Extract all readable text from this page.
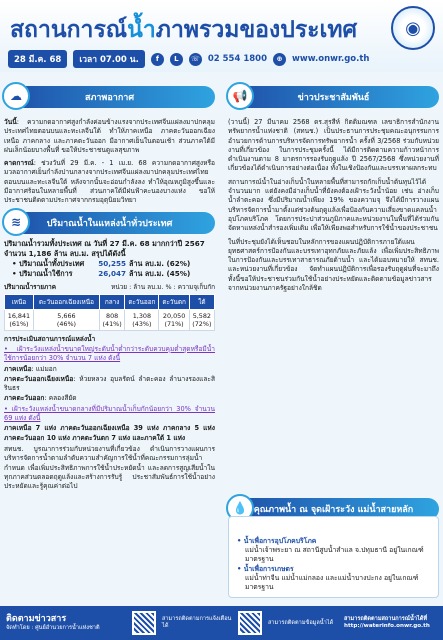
สถานการณ์น้ำภาพรวมของประเทศ	◉
28 มี.ค. 68	เวลา 07.00 น.	f	L	☏ 02 554 1800	⊕	www.onwr.go.th
☁	สภาพอากาศ
วันนี้: ความกดอากาศสูงกำลังค่อนข้างแรงจากประเทศจีนแผ่ลงมาปกคลุมประเทศไทยตอนบนและทะเลจีนใต้ ทำให้ภาคเหนือ ภาคตะวันออกเฉียงเหนือ ภาคกลาง และภาคตะวันออก มีอากาศเย็นในตอนเช้า ส่วนภาคใต้มีฝนเล็กน้อยบางพื้นที่ ขอให้ประชาชนดูแลสุขภาพ
คาดการณ์: ช่วงวันที่ 29 มี.ค. - 1 เม.ย. 68 ความกดอากาศสูงหรือมวลอากาศเย็นกำลังปานกลางจากประเทศจีนแผ่ลงมาปกคลุมประเทศไทยตอนบนและทะเลจีนใต้ หลังจากนั้นจะอ่อนกำลังลง ทำให้อุณหภูมิสูงขึ้นและมีอากาศร้อนในหลายพื้นที่ ส่วนภาคใต้มีฝนฟ้าคะนองบางแห่ง ขอให้ประชาชนติดตามประกาศจากกรมอุตุนิยมวิทยา
≋	ปริมาณน้ำในแหล่งน้ำทั่วประเทศ
ปริมาณน้ำรวมทั้งประเทศ ณ วันที่ 27 มี.ค. 68 มากกว่าปี 2567
จำนวน 1,186 ล้าน ลบ.ม. สรุปได้ดังนี้
• ปริมาณน้ำทั้งประเทศ	50,255 ล้าน ลบ.ม. (62%)
• ปริมาณน้ำใช้การ	26,047 ล้าน ลบ.ม. (45%)
ปริมาณน้ำรายภาค	หน่วย : ล้าน ลบ.ม. % : ความจุเก็บกัก
เหนือ	ตะวันออกเฉียงเหนือ	กลาง	ตะวันออก	ตะวันตก	ใต้
16,841
(61%)	5,666
(46%)	808
(41%)	1,308
(43%)	20,050
(71%)	5,582
(72%)
การประเมินสถานการณ์แหล่งน้ำ
• เฝ้าระวังแหล่งน้ำขนาดใหญ่ระดับน้ำต่ำกว่าระดับควบคุมต่ำสุดหรือมีน้ำใช้การน้อยกว่า 30% จำนวน 7 แห่ง ดังนี้
ภาคเหนือ: แม่มอก
ภาคตะวันออกเฉียงเหนือ: ห้วยหลวง อุบลรัตน์ ลำตะคอง ลำนางรองและสิรินธร
ภาคตะวันออก: คลองสียัด
• เฝ้าระวังแหล่งน้ำขนาดกลางที่มีปริมาณน้ำเก็บกักน้อยกว่า 30% จำนวน 69 แห่ง ดังนี้
ภาคเหนือ 7 แห่ง ภาคตะวันออกเฉียงเหนือ 39 แห่ง ภาคกลาง 5 แห่ง ภาคตะวันออก 10 แห่ง ภาคตะวันตก 7 แห่ง และภาคใต้ 1 แห่ง
สทนช. บูรณาการร่วมกับหน่วยงานที่เกี่ยวข้อง ดำเนินการวางแผนการบริหารจัดการน้ำตามลำดับความสำคัญการใช้น้ำที่คณะกรรมการลุ่มน้ำกำหนด เพื่อเพิ่มประสิทธิภาพการใช้น้ำประหยัดน้ำ และลดการสูญเสียน้ำในทุกภาคส่วนตลอดฤดูแล้งและสร้างการรับรู้ ประชาสัมพันธ์การใช้น้ำอย่างประหยัดและรู้คุณค่าต่อไป
📢	ข่าวประชาสัมพันธ์
(วานนี้) 27 มีนาคม 2568 ดร.สุรสีห์ กิตติมณฑล เลขาธิการสำนักงานทรัพยากรน้ำแห่งชาติ (สทนช.) เป็นประธานการประชุมคณะอนุกรรมการอำนวยการด้านการบริหารจัดการทรัพยากรน้ำ ครั้งที่ 3/2568 ร่วมกับหน่วยงานที่เกี่ยวข้อง ในการประชุมครั้งนี้ ได้มีการติดตามความก้าวหน้าการดำเนินงานตาม 8 มาตรการรองรับฤดูแล้ง ปี 2567/2568 ซึ่งหน่วยงานที่เกี่ยวข้องได้ดำเนินการอย่างต่อเนื่อง ทั้งในเชิงป้องกันและบรรเทาผลกระทบ
สถานการณ์น้ำในอ่างเก็บน้ำในหลายพื้นที่สามารถกักเก็บน้ำต้นทุนไว้ได้จำนวนมาก แต่ยังคงมีอ่างเก็บน้ำที่ยังคงต้องเฝ้าระวังน้ำน้อย เช่น อ่างเก็บน้ำลำตะคอง ซึ่งมีปริมาณน้ำเพียง 19% ของความจุ จึงได้มีการวางแผนบริหารจัดการน้ำมาตั้งแต่ช่วงต้นฤดูแล้งเพื่อป้องกันความเสี่ยงขาดแคลนน้ำอุปโภคบริโภค โดยการประปาส่วนภูมิภาคและหน่วยงานในพื้นที่ได้ร่วมกันจัดหาแหล่งน้ำสำรองเพิ่มเติม เพื่อให้เพียงพอสำหรับการใช้น้ำของประชาชน
ในที่ประชุมยังได้เห็นชอบในหลักการของแผนปฏิบัติการภายใต้แผนยุทธศาสตร์การป้องกันและบรรเทาอุทกภัยและภัยแล้ง เพื่อเพิ่มประสิทธิภาพในการป้องกันและบรรเทาสาธารณภัยด้านน้ำ และได้มอบหมายให้ สทนช. และหน่วยงานที่เกี่ยวข้อง จัดทำแผนปฏิบัติการเพื่อรองรับฤดูฝนที่จะมาถึง ทั้งนี้ขอให้ประชาชนร่วมกันใช้น้ำอย่างประหยัดและติดตามข้อมูลข่าวสารจากหน่วยงานภาครัฐอย่างใกล้ชิด
💧 คุณภาพน้ำ ณ จุดเฝ้าระวัง แม่น้ำสายหลัก
• น้ำเพื่อการอุปโภคบริโภค
แม่น้ำเจ้าพระยา ณ สถานีสูบน้ำสำแล จ.ปทุมธานี อยู่ในเกณฑ์มาตรฐาน
• น้ำเพื่อการเกษตร
แม่น้ำท่าจีน แม่น้ำแม่กลอง และแม่น้ำบางปะกง อยู่ในเกณฑ์มาตรฐาน
ติดตามข่าวสาร
จัดทำโดย : ศูนย์อำนวยการน้ำแห่งชาติ
สามารถติดตามการแจ้งเตือนได้
สามารถติดตามข้อมูลน้ำได้
สามารถติดตามสถานการณ์น้ำได้ที่
http://waterinfo.onwr.go.th
